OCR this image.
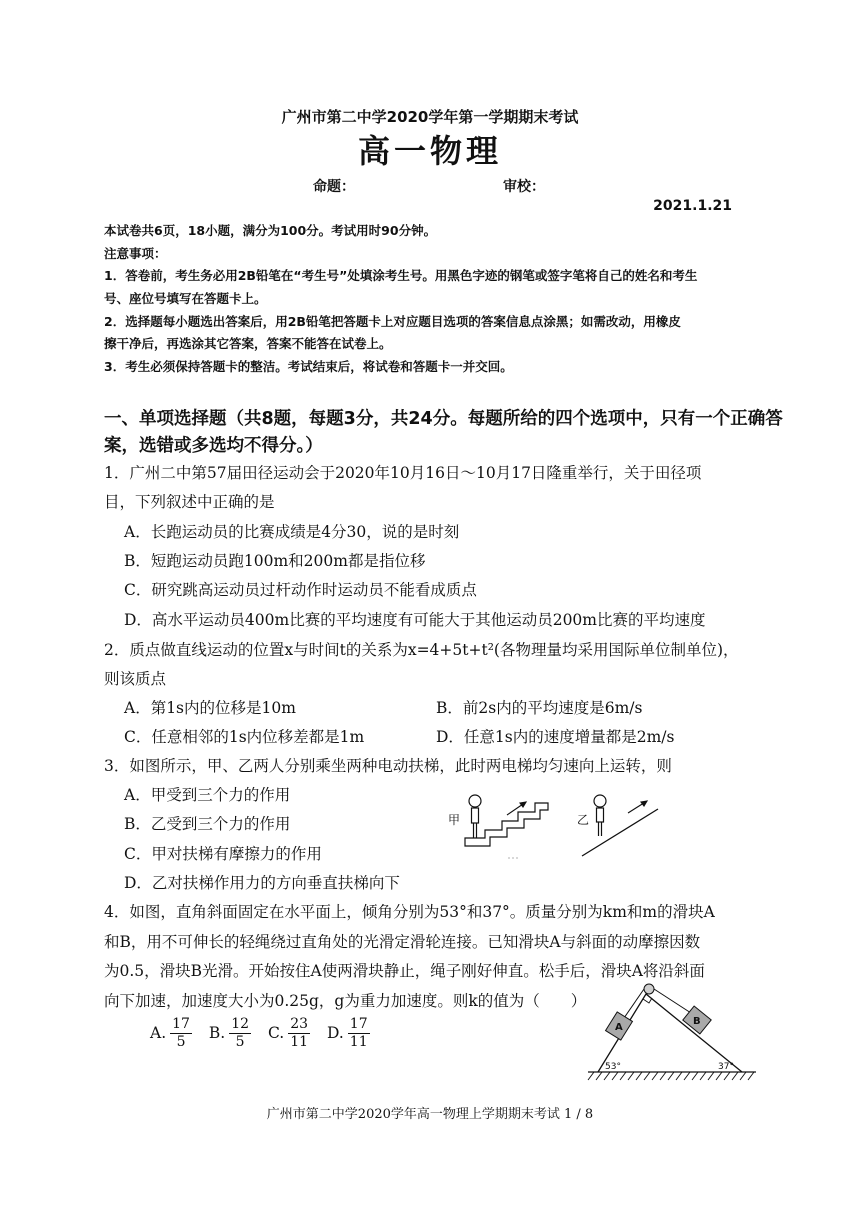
广州市第二中学2020学年第一学期期末考试
高一物理
命题：	审校：
2021.1.21
本试卷共6页，18小题，满分为100分。考试用时90分钟。
注意事项：
1．答卷前，考生务必用2B铅笔在“考生号”处填涂考生号。用黑色字迹的钢笔或签字笔将自己的姓名和考生
号、座位号填写在答题卡上。
2．选择题每小题选出答案后，用2B铅笔把答题卡上对应题目选项的答案信息点涂黑；如需改动，用橡皮
擦干净后，再选涂其它答案，答案不能答在试卷上。
3．考生必须保持答题卡的整洁。考试结束后，将试卷和答题卡一并交回。
一、单项选择题（共8题，每题3分，共24分。每题所给的四个选项中，只有一个正确答
案，选错或多选均不得分。）
1．广州二中第57届田径运动会于2020年10月16日～10月17日隆重举行，关于田径项
目，下列叙述中正确的是
A．长跑运动员的比赛成绩是4分30，说的是时刻
B．短跑运动员跑100m和200m都是指位移
C．研究跳高运动员过杆动作时运动员不能看成质点
D．高水平运动员400m比赛的平均速度有可能大于其他运动员200m比赛的平均速度
2．质点做直线运动的位置x与时间t的关系为x=4+5t+t²(各物理量均采用国际单位制单位)，
则该质点
A．第1s内的位移是10m	B．前2s内的平均速度是6m/s
C．任意相邻的1s内位移差都是1m	D．任意1s内的速度增量都是2m/s
3．如图所示，甲、乙两人分别乘坐两种电动扶梯，此时两电梯均匀速向上运转，则
A．甲受到三个力的作用
B．乙受到三个力的作用
C．甲对扶梯有摩擦力的作用
D．乙对扶梯作用力的方向垂直扶梯向下
甲	乙
4．如图，直角斜面固定在水平面上，倾角分别为53°和37°。质量分别为km和m的滑块A
和B，用不可伸长的轻绳绕过直角处的光滑定滑轮连接。已知滑块A与斜面的动摩擦因数
为0.5，滑块B光滑。开始按住A使两滑块静止，绳子刚好伸直。松手后，滑块A将沿斜面
向下加速，加速度大小为0.25g，g为重力加速度。则k的值为（　　）
A. $\frac{17}{5} B$. $\frac{12}{5} C$. $\frac{23}{11} D$. $\frac{17}{11}$	A
B
53°	37°
广州市第二中学2020学年高一物理上学期期末考试 1 / 8
